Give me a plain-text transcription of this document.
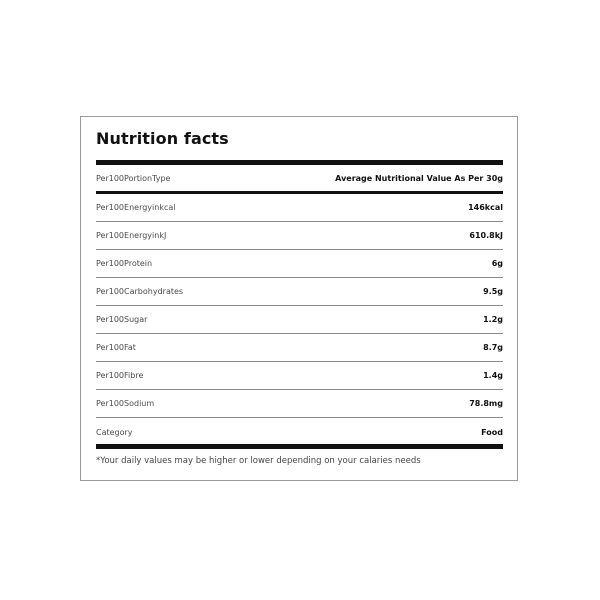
Nutrition facts
Per100PortionType	Average Nutritional Value As Per 30g
Per100Energyinkcal	146kcal
Per100EnergyinkJ	610.8kJ
Per100Protein	6g
Per100Carbohydrates	9.5g
Per100Sugar	1.2g
Per100Fat	8.7g
Per100Fibre	1.4g
Per100Sodium	78.8mg
Category	Food
*Your daily values may be higher or lower depending on your calaries needs
